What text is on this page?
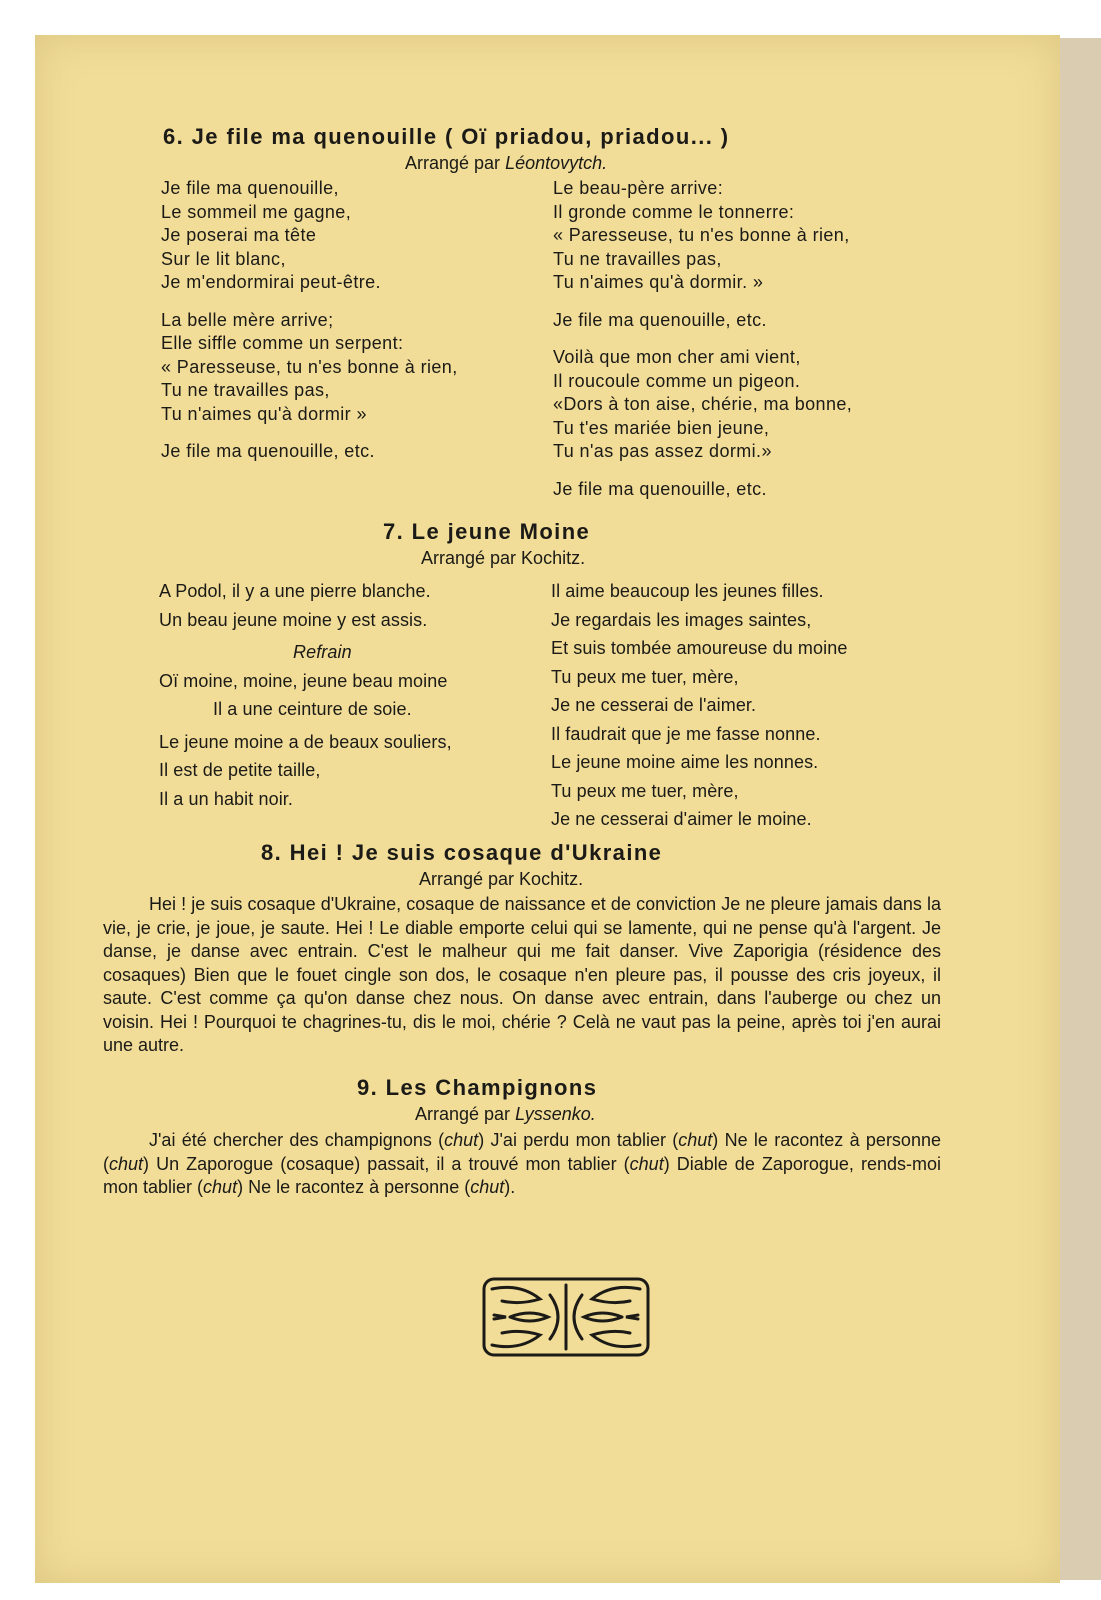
6. Je file ma quenouille ( Oï priadou, priadou... )
Arrangé par Léontovytch.
Je file ma quenouille,
Le sommeil me gagne,
Je poserai ma tête
Sur le lit blanc,
Je m'endormirai peut-être.
La belle mère arrive;
Elle siffle comme un serpent:
« Paresseuse, tu n'es bonne à rien,
Tu ne travailles pas,
Tu n'aimes qu'à dormir »
Je file ma quenouille, etc.
Le beau-père arrive:
Il gronde comme le tonnerre:
« Paresseuse, tu n'es bonne à rien,
Tu ne travailles pas,
Tu n'aimes qu'à dormir. »
Je file ma quenouille, etc.
Voilà que mon cher ami vient,
Il roucoule comme un pigeon.
«Dors à ton aise, chérie, ma bonne,
Tu t'es mariée bien jeune,
Tu n'as pas assez dormi.»
Je file ma quenouille, etc.
7. Le jeune Moine
Arrangé par Kochitz.
A Podol, il y a une pierre blanche.
Un beau jeune moine y est assis.
Refrain
Oï moine, moine, jeune beau moine
Il a une ceinture de soie.
Le jeune moine a de beaux souliers,
Il est de petite taille,
Il a un habit noir.
Il aime beaucoup les jeunes filles.
Je regardais les images saintes,
Et suis tombée amoureuse du moine
Tu peux me tuer, mère,
Je ne cesserai de l'aimer.
Il faudrait que je me fasse nonne.
Le jeune moine aime les nonnes.
Tu peux me tuer, mère,
Je ne cesserai d'aimer le moine.
8. Hei ! Je suis cosaque d'Ukraine
Arrangé par Kochitz.
Hei ! je suis cosaque d'Ukraine, cosaque de naissance et de conviction Je ne pleure jamais dans la vie, je crie, je joue, je saute. Hei ! Le diable emporte celui qui se lamente, qui ne pense qu'à l'argent. Je danse, je danse avec entrain. C'est le malheur qui me fait danser. Vive Zaporigia (résidence des cosaques) Bien que le fouet cingle son dos, le cosaque n'en pleure pas, il pousse des cris joyeux, il saute. C'est comme ça qu'on danse chez nous. On danse avec entrain, dans l'auberge ou chez un voisin. Hei ! Pourquoi te chagrines-tu, dis le moi, chérie ? Celà ne vaut pas la peine, après toi j'en aurai une autre.
9. Les Champignons
Arrangé par Lyssenko.
J'ai été chercher des champignons (chut) J'ai perdu mon tablier (chut) Ne le racontez à personne (chut) Un Zaporogue (cosaque) passait, il a trouvé mon tablier (chut) Diable de Zaporogue, rends-moi mon tablier (chut) Ne le racontez à personne (chut).
